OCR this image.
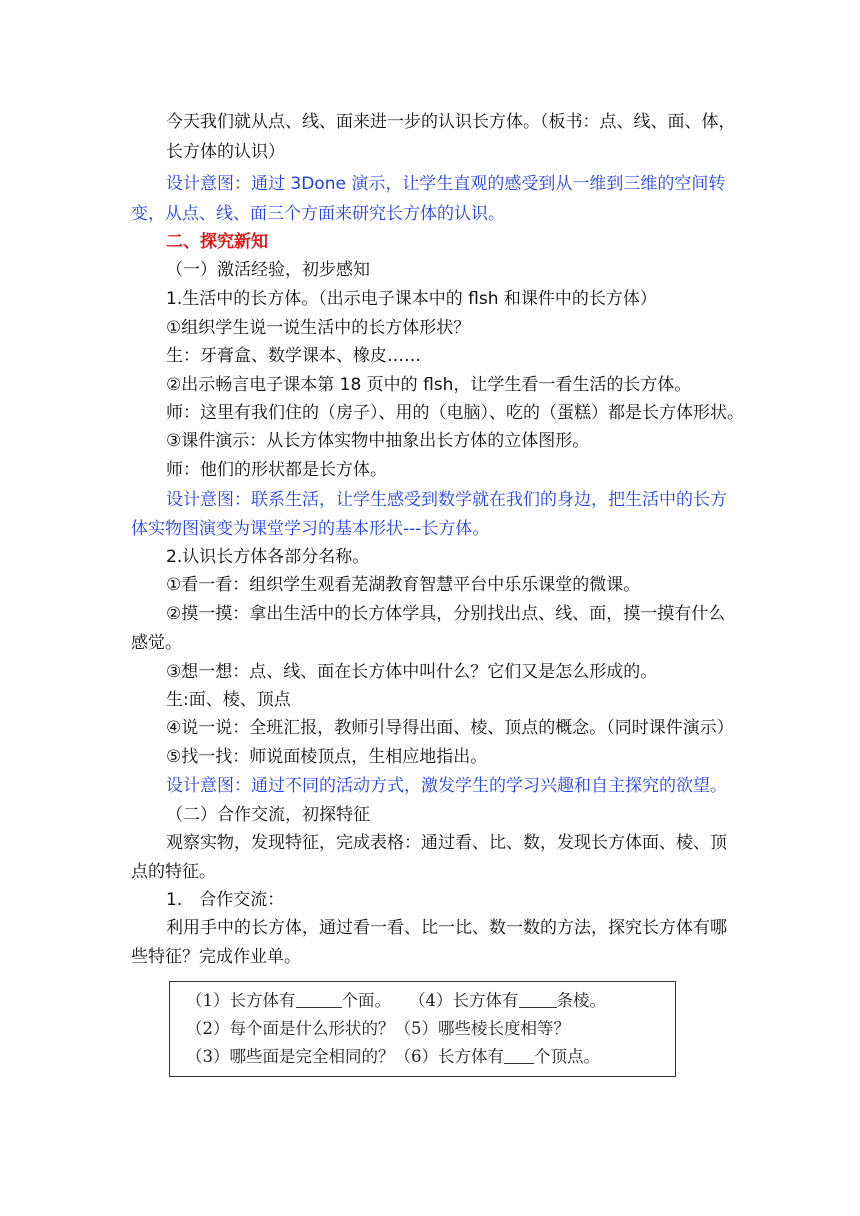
今天我们就从点、线、面来进一步的认识长方体。（板书：点、线、面、体，
长方体的认识）
设计意图：通过 3Done 演示，让学生直观的感受到从一维到三维的空间转
变，从点、线、面三个方面来研究长方体的认识。
二、探究新知
（一）激活经验，初步感知
1.生活中的长方体。（出示电子课本中的 flsh 和课件中的长方体）
①组织学生说一说生活中的长方体形状？
生：牙膏盒、数学课本、橡皮……
②出示畅言电子课本第 18 页中的 flsh，让学生看一看生活的长方体。
师：这里有我们住的（房子）、用的（电脑）、吃的（蛋糕）都是长方体形状。
③课件演示：从长方体实物中抽象出长方体的立体图形。
师：他们的形状都是长方体。
设计意图：联系生活，让学生感受到数学就在我们的身边，把生活中的长方
体实物图演变为课堂学习的基本形状---长方体。
2.认识长方体各部分名称。
①看一看：组织学生观看芜湖教育智慧平台中乐乐课堂的微课。
②摸一摸：拿出生活中的长方体学具，分别找出点、线、面，摸一摸有什么
感觉。
③想一想：点、线、面在长方体中叫什么？它们又是怎么形成的。
生:面、棱、顶点
④说一说：全班汇报，教师引导得出面、棱、顶点的概念。（同时课件演示）
⑤找一找：师说面棱顶点，生相应地指出。
设计意图：通过不同的活动方式，激发学生的学习兴趣和自主探究的欲望。
（二）合作交流，初探特征
观察实物，发现特征，完成表格：通过看、比、数，发现长方体面、棱、顶
点的特征。
1.　合作交流：
利用手中的长方体，通过看一看、比一比、数一数的方法，探究长方体有哪
些特征？完成作业单。
（1）长方体有	个面。 （4）长方体有 条棱。
（2）每个面是什么形状的？（5）哪些棱长度相等？
（3）哪些面是完全相同的？（6）长方体有 个顶点。
